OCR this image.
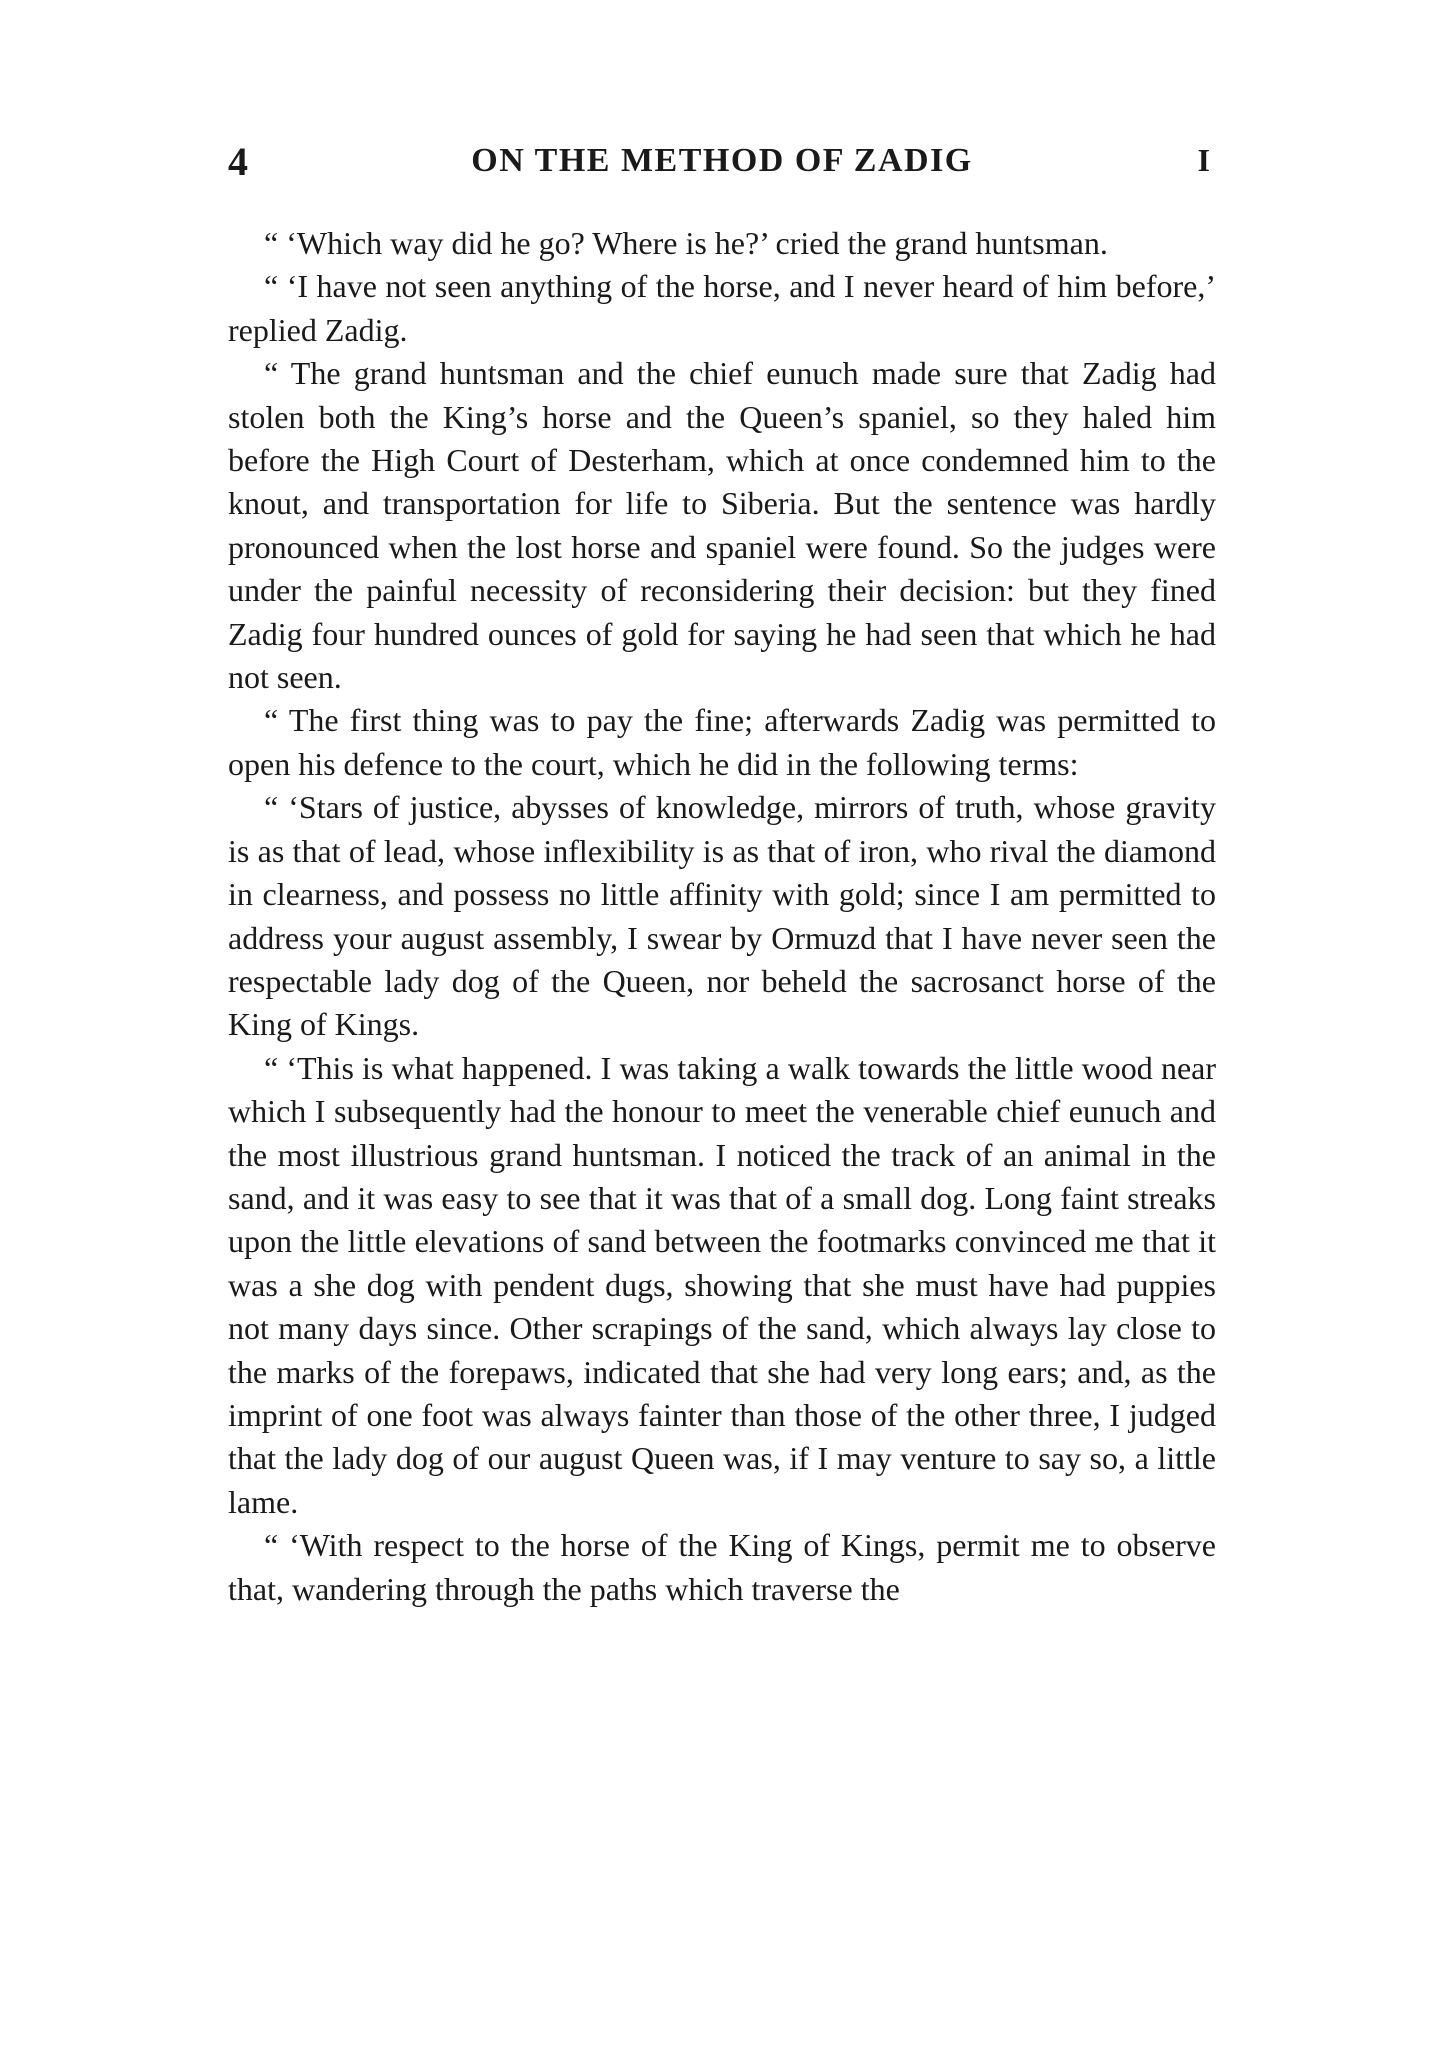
4	ON THE METHOD OF ZADIG	I

“ ‘Which way did he go? Where is he?’ cried the grand huntsman.

“ ‘I have not seen anything of the horse, and I never heard of him before,’ replied Zadig.

“ The grand huntsman and the chief eunuch made sure that Zadig had stolen both the King’s horse and the Queen’s spaniel, so they haled him before the High Court of Desterham, which at once condemned him to the knout, and transportation for life to Siberia. But the sentence was hardly pronounced when the lost horse and spaniel were found. So the judges were under the painful necessity of reconsidering their decision: but they fined Zadig four hundred ounces of gold for saying he had seen that which he had not seen.

“ The first thing was to pay the fine; afterwards Zadig was permitted to open his defence to the court, which he did in the following terms:

“ ‘Stars of justice, abysses of knowledge, mirrors of truth, whose gravity is as that of lead, whose inflexibility is as that of iron, who rival the diamond in clearness, and possess no little affinity with gold; since I am permitted to address your august assembly, I swear by Ormuzd that I have never seen the respectable lady dog of the Queen, nor beheld the sacrosanct horse of the King of Kings.

“ ‘This is what happened. I was taking a walk towards the little wood near which I subsequently had the honour to meet the venerable chief eunuch and the most illustrious grand huntsman. I noticed the track of an animal in the sand, and it was easy to see that it was that of a small dog. Long faint streaks upon the little elevations of sand between the footmarks convinced me that it was a she dog with pendent dugs, showing that she must have had puppies not many days since. Other scrapings of the sand, which always lay close to the marks of the forepaws, indicated that she had very long ears; and, as the imprint of one foot was always fainter than those of the other three, I judged that the lady dog of our august Queen was, if I may venture to say so, a little lame.

“ ‘With respect to the horse of the King of Kings, permit me to observe that, wandering through the paths which traverse the
